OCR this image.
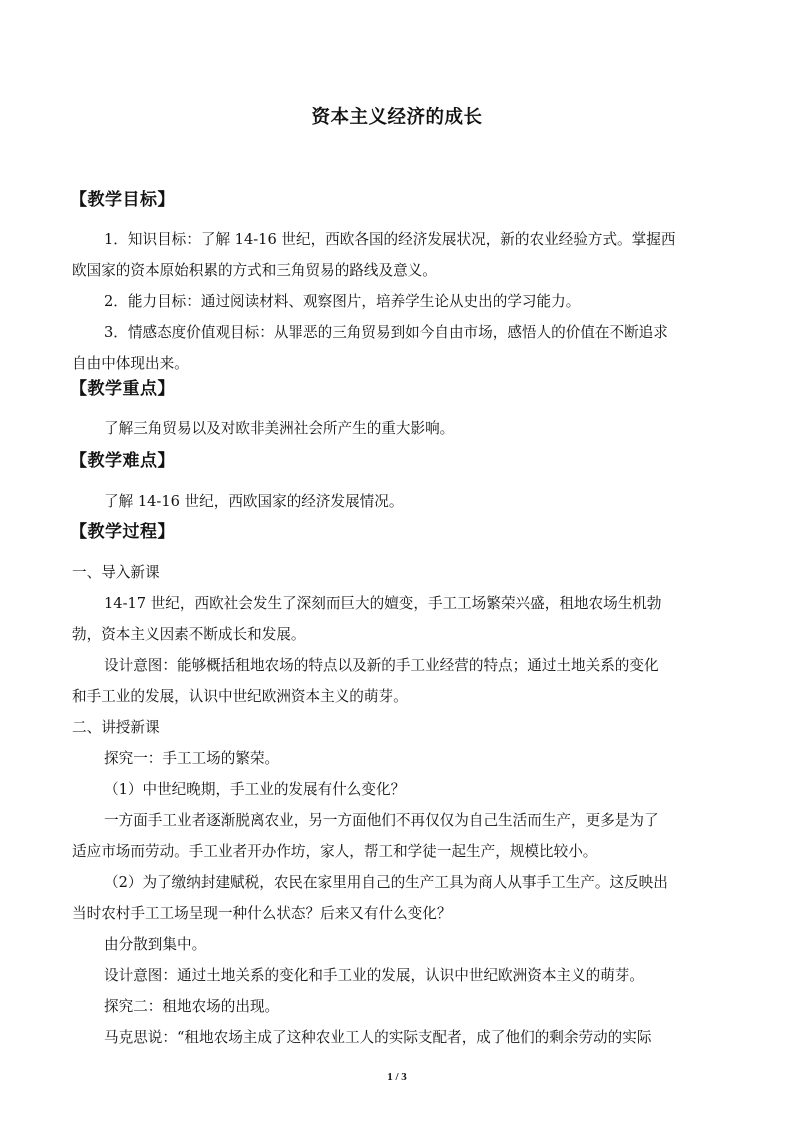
资本主义经济的成长
【教学目标】
1．知识目标：了解 14-16 世纪，西欧各国的经济发展状况，新的农业经验方式。掌握西
欧国家的资本原始积累的方式和三角贸易的路线及意义。
2．能力目标：通过阅读材料、观察图片，培养学生论从史出的学习能力。
3．情感态度价值观目标：从罪恶的三角贸易到如今自由市场，感悟人的价值在不断追求
自由中体现出来。
【教学重点】
了解三角贸易以及对欧非美洲社会所产生的重大影响。
【教学难点】
了解 14-16 世纪，西欧国家的经济发展情况。
【教学过程】
一、导入新课
14-17 世纪，西欧社会发生了深刻而巨大的嬗变，手工工场繁荣兴盛，租地农场生机勃
勃，资本主义因素不断成长和发展。
设计意图：能够概括租地农场的特点以及新的手工业经营的特点；通过土地关系的变化
和手工业的发展，认识中世纪欧洲资本主义的萌芽。
二、讲授新课
探究一：手工工场的繁荣。
（1）中世纪晚期，手工业的发展有什么变化？
一方面手工业者逐渐脱离农业，另一方面他们不再仅仅为自己生活而生产，更多是为了
适应市场而劳动。手工业者开办作坊，家人，帮工和学徒一起生产，规模比较小。
（2）为了缴纳封建赋税，农民在家里用自己的生产工具为商人从事手工生产。这反映出
当时农村手工工场呈现一种什么状态？后来又有什么变化？
由分散到集中。
设计意图：通过土地关系的变化和手工业的发展，认识中世纪欧洲资本主义的萌芽。
探究二：租地农场的出现。
马克思说：“租地农场主成了这种农业工人的实际支配者，成了他们的剩余劳动的实际
1 / 3
